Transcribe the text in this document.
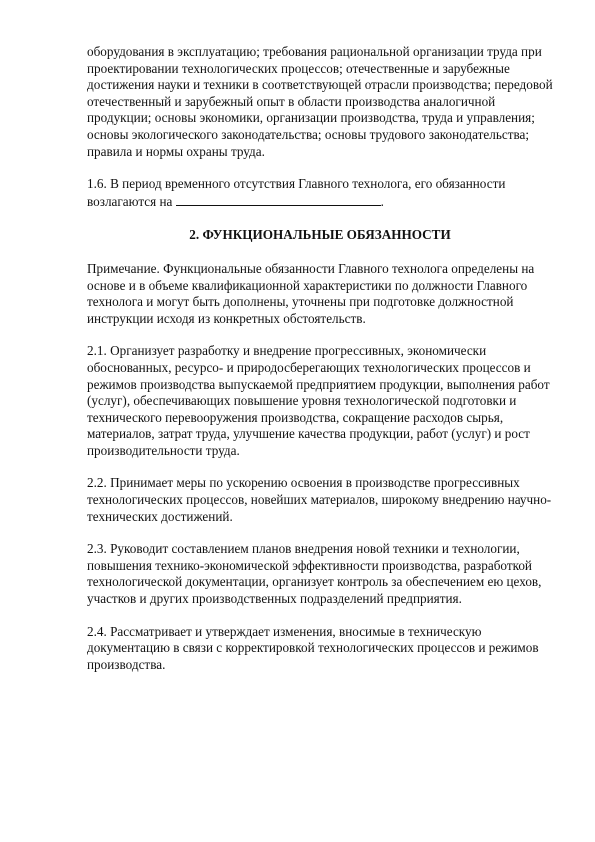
оборудования в эксплуатацию; требования рациональной организации труда при проектировании технологических процессов; отечественные и зарубежные достижения науки и техники в соответствующей отрасли производства; передовой отечественный и зарубежный опыт в области производства аналогичной продукции; основы экономики, организации производства, труда и управления; основы экологического законодательства; основы трудового законодательства; правила и нормы охраны труда.

1.6. В период временного отсутствия Главного технолога, его обязанности возлагаются на	.

2. ФУНКЦИОНАЛЬНЫЕ ОБЯЗАННОСТИ

Примечание. Функциональные обязанности Главного технолога определены на основе и в объеме квалификационной характеристики по должности Главного технолога и могут быть дополнены, уточнены при подготовке должностной инструкции исходя из конкретных обстоятельств.

2.1. Организует разработку и внедрение прогрессивных, экономически обоснованных, ресурсо- и природосберегающих технологических процессов и режимов производства выпускаемой предприятием продукции, выполнения работ (услуг), обеспечивающих повышение уровня технологической подготовки и технического перевооружения производства, сокращение расходов сырья, материалов, затрат труда, улучшение качества продукции, работ (услуг) и рост производительности труда.

2.2. Принимает меры по ускорению освоения в производстве прогрессивных технологических процессов, новейших материалов, широкому внедрению научно-технических достижений.

2.3. Руководит составлением планов внедрения новой техники и технологии, повышения технико-экономической эффективности производства, разработкой технологической документации, организует контроль за обеспечением ею цехов, участков и других производственных подразделений предприятия.

2.4. Рассматривает и утверждает изменения, вносимые в техническую документацию в связи с корректировкой технологических процессов и режимов производства.
